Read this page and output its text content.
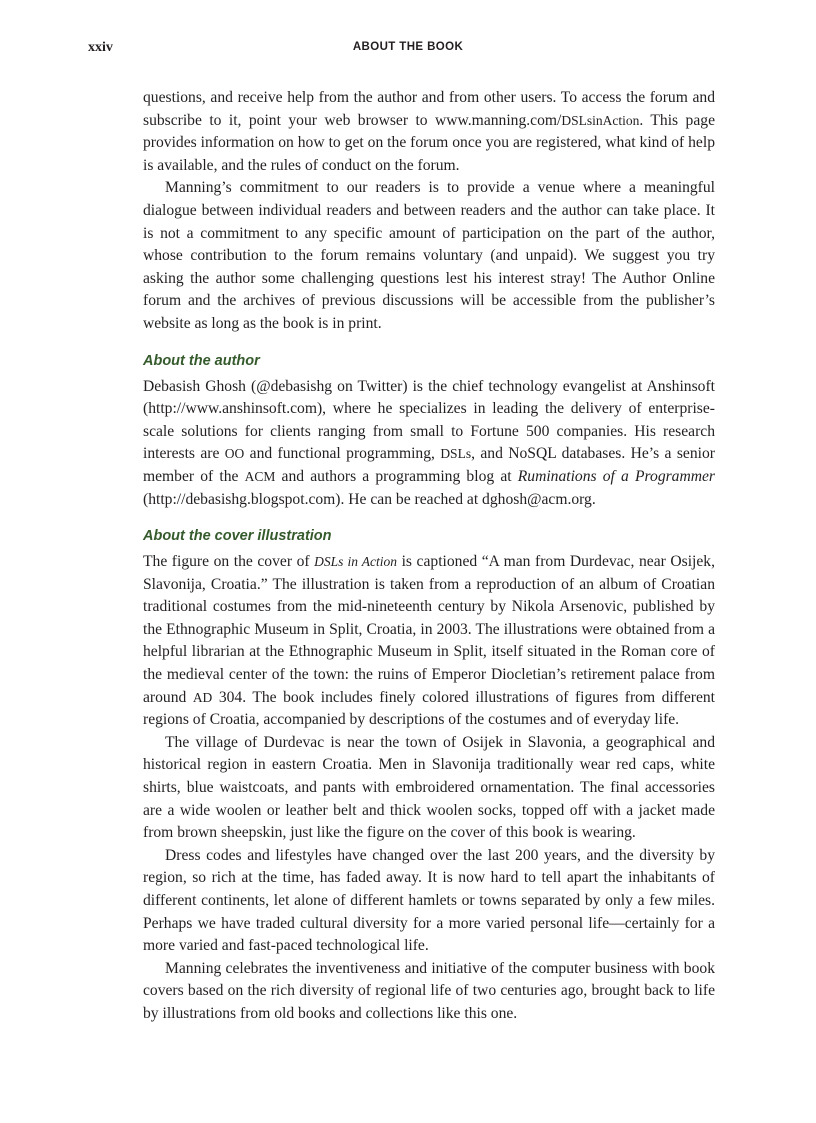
xxiv	ABOUT THE BOOK

questions, and receive help from the author and from other users. To access the forum and subscribe to it, point your web browser to www.manning.com/DSLsinAction. This page provides information on how to get on the forum once you are registered, what kind of help is available, and the rules of conduct on the forum.

Manning’s commitment to our readers is to provide a venue where a meaningful dialogue between individual readers and between readers and the author can take place. It is not a commitment to any specific amount of participation on the part of the author, whose contribution to the forum remains voluntary (and unpaid). We suggest you try asking the author some challenging questions lest his interest stray! The Author Online forum and the archives of previous discussions will be accessible from the publisher’s website as long as the book is in print.

About the author

Debasish Ghosh (@debasishg on Twitter) is the chief technology evangelist at Anshinsoft (http://www.anshinsoft.com), where he specializes in leading the delivery of enterprise-scale solutions for clients ranging from small to Fortune 500 companies. His research interests are OO and functional programming, DSLs, and NoSQL databases. He’s a senior member of the ACM and authors a programming blog at Ruminations of a Programmer (http://debasishg.blogspot.com). He can be reached at dghosh@acm.org.

About the cover illustration

The figure on the cover of DSLs in Action is captioned “A man from Durdevac, near Osijek, Slavonija, Croatia.” The illustration is taken from a reproduction of an album of Croatian traditional costumes from the mid-nineteenth century by Nikola Arsenovic, published by the Ethnographic Museum in Split, Croatia, in 2003. The illustrations were obtained from a helpful librarian at the Ethnographic Museum in Split, itself situated in the Roman core of the medieval center of the town: the ruins of Emperor Diocletian’s retirement palace from around AD 304. The book includes finely colored illustrations of figures from different regions of Croatia, accompanied by descriptions of the costumes and of everyday life.

The village of Durdevac is near the town of Osijek in Slavonia, a geographical and historical region in eastern Croatia. Men in Slavonija traditionally wear red caps, white shirts, blue waistcoats, and pants with embroidered ornamentation. The final accessories are a wide woolen or leather belt and thick woolen socks, topped off with a jacket made from brown sheepskin, just like the figure on the cover of this book is wearing.

Dress codes and lifestyles have changed over the last 200 years, and the diversity by region, so rich at the time, has faded away. It is now hard to tell apart the inhabitants of different continents, let alone of different hamlets or towns separated by only a few miles. Perhaps we have traded cultural diversity for a more varied personal life—certainly for a more varied and fast-paced technological life.

Manning celebrates the inventiveness and initiative of the computer business with book covers based on the rich diversity of regional life of two centuries ago, brought back to life by illustrations from old books and collections like this one.
